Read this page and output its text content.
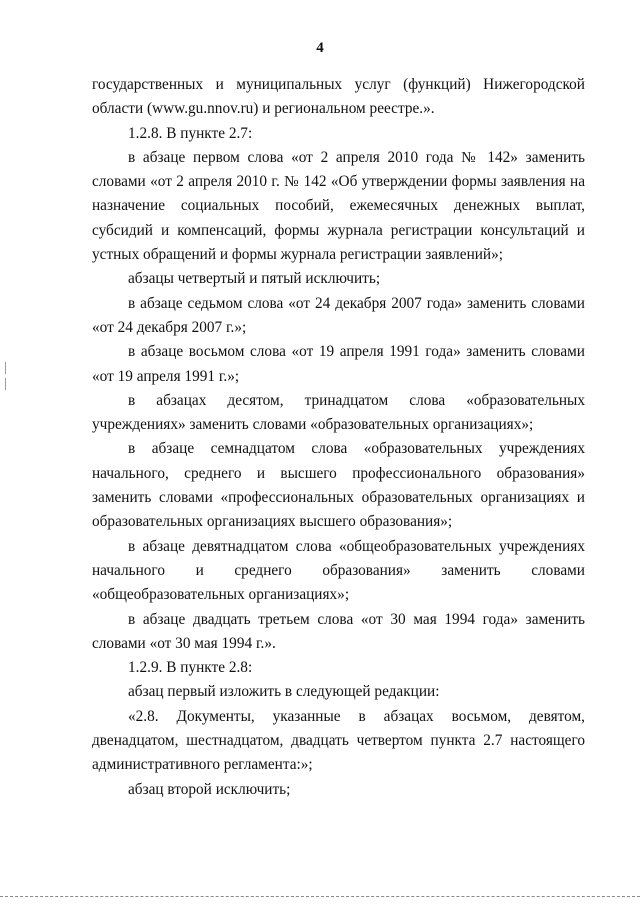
4

государственных и муниципальных услуг (функций) Нижегородской области (www.gu.nnov.ru) и региональном реестре.».

1.2.8. В пункте 2.7:

в абзаце первом слова «от 2 апреля 2010 года № 142» заменить словами «от 2 апреля 2010 г. № 142 «Об утверждении формы заявления на назначение социальных пособий, ежемесячных денежных выплат, субсидий и компенсаций, формы журнала регистрации консультаций и устных обращений и формы журнала регистрации заявлений»;

абзацы четвертый и пятый исключить;

в абзаце седьмом слова «от 24 декабря 2007 года» заменить словами «от 24 декабря 2007 г.»;

в абзаце восьмом слова «от 19 апреля 1991 года» заменить словами «от 19 апреля 1991 г.»;

в абзацах десятом, тринадцатом слова «образовательных учреждениях» заменить словами «образовательных организациях»;

в абзаце семнадцатом слова «образовательных учреждениях начального, среднего и высшего профессионального образования» заменить словами «профессиональных образовательных организациях и образовательных организациях высшего образования»;

в абзаце девятнадцатом слова «общеобразовательных учреждениях начального и среднего образования» заменить словами «общеобразовательных организациях»;

в абзаце двадцать третьем слова «от 30 мая 1994 года» заменить словами «от 30 мая 1994 г.».

1.2.9. В пункте 2.8:

абзац первый изложить в следующей редакции:

«2.8. Документы, указанные в абзацах восьмом, девятом, двенадцатом, шестнадцатом, двадцать четвертом пункта 2.7 настоящего административного регламента:»;

абзац второй исключить;
